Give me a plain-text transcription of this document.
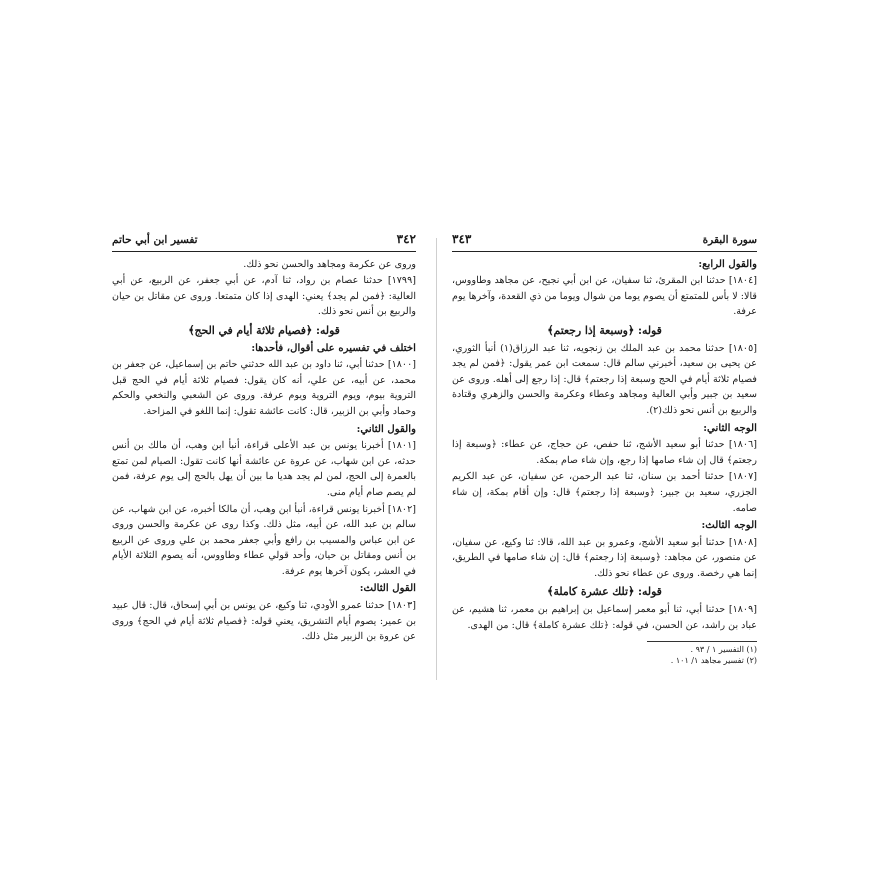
٣٤٢
تفسير ابن أبي حاتم

وروى عن عكرمة ومجاهد والحسن نحو ذلك.

[١٧٩٩] حدثنا عصام بن رواد، ثنا آدم، عن أبي جعفر، عن الربيع، عن أبي العالية: ﴿فمن لم يجد﴾ يعني: الهدى إذا كان متمتعا. وروى عن مقاتل بن حيان والربيع بن أنس نحو ذلك.

قوله: ﴿فصيام ثلاثة أيام في الحج﴾
اختلف في تفسيره على أقوال، فأحدها:

[١٨٠٠] حدثنا أبي، ثنا داود بن عبد الله حدثني حاتم بن إسماعيل، عن جعفر بن محمد، عن أبيه، عن علي، أنه كان يقول: فصيام ثلاثة أيام في الحج قبل التروية بيوم، ويوم التروية ويوم عرفة. وروى عن الشعبي والنخعي والحكم وحماد وأبي بن الزبير، قال: كانت عائشة تقول: إنما اللغو في المزاحة.

والقول الثاني:

[١٨٠١] أخبرنا يونس بن عبد الأعلى قراءة، أنبأ ابن وهب، أن مالك بن أنس حدثه، عن ابن شهاب، عن عروة عن عائشة أنها كانت تقول: الصيام لمن تمتع بالعمرة إلى الحج، لمن لم يجد هديا ما بين أن يهل بالحج إلى يوم عرفة، فمن لم يصم صام أيام منى.

[١٨٠٢] أخبرنا يونس قراءة، أنبأ ابن وهب، أن مالكا أخبره، عن ابن شهاب، عن سالم بن عبد الله، عن أبيه، مثل ذلك. وكذا روى عن عكرمة والحسن وروى عن ابن عباس والمسيب بن رافع وأبي جعفر محمد بن علي وروى عن الربيع بن أنس ومقاتل بن حيان، وأحد قولي عطاء وطاووس، أنه يصوم الثلاثة الأيام في العشر، يكون آخرها يوم عرفة.

القول الثالث:

[١٨٠٣] حدثنا عمرو الأودي، ثنا وكيع، عن يونس بن أبي إسحاق، قال: قال عبيد بن عمير: يصوم أيام التشريق، يعني قوله: ﴿فصيام ثلاثة أيام في الحج﴾ وروى عن عروة بن الزبير مثل ذلك.

سورة البقرة
٣٤٣
والقول الرابع:

[١٨٠٤] حدثنا ابن المقرئ، ثنا سفيان، عن ابن أبي نجيح، عن مجاهد وطاووس، قالا: لا بأس للمتمتع أن يصوم يوما من شوال ويوما من ذي القعدة، وآخرها يوم عرفة.

قوله: ﴿وسبعة إذا رجعتم﴾

[١٨٠٥] حدثنا محمد بن عبد الملك بن زنجويه، ثنا عبد الرزاق(١) أنبأ الثوري، عن يحيى بن سعيد، أخبرني سالم قال: سمعت ابن عمر يقول: ﴿فمن لم يجد فصيام ثلاثة أيام في الحج وسبعة إذا رجعتم﴾ قال: إذا رجع إلى أهله. وروى عن سعيد بن جبير وأبي العالية ومجاهد وعطاء وعكرمة والحسن والزهري وقتادة والربيع بن أنس نحو ذلك(٢).

الوجه الثاني:

[١٨٠٦] حدثنا أبو سعيد الأشج، ثنا حفص، عن حجاج، عن عطاء: ﴿وسبعة إذا رجعتم﴾ قال إن شاء صامها إذا رجع، وإن شاء صام بمكة.

[١٨٠٧] حدثنا أحمد بن سنان، ثنا عبد الرحمن، عن سفيان، عن عبد الكريم الجزري، سعيد بن جبير: ﴿وسبعة إذا رجعتم﴾ قال: وإن أقام بمكة، إن شاء صامه.

الوجه الثالث:

[١٨٠٨] حدثنا أبو سعيد الأشج، وعمرو بن عبد الله، قالا: ثنا وكيع، عن سفيان، عن منصور، عن مجاهد: ﴿وسبعة إذا رجعتم﴾ قال: إن شاء صامها في الطريق، إنما هي رخصة. وروى عن عطاء نحو ذلك.

قوله: ﴿تلك عشرة كاملة﴾

[١٨٠٩] حدثنا أبي، ثنا أبو معمر إسماعيل بن إبراهيم بن معمر، ثنا هشيم، عن عباد بن راشد، عن الحسن، في قوله: ﴿تلك عشرة كاملة﴾ قال: من الهدى.

(١) التفسير ١ / ٩٣ .
(٢) تفسير مجاهد ١/ ١٠١ .
